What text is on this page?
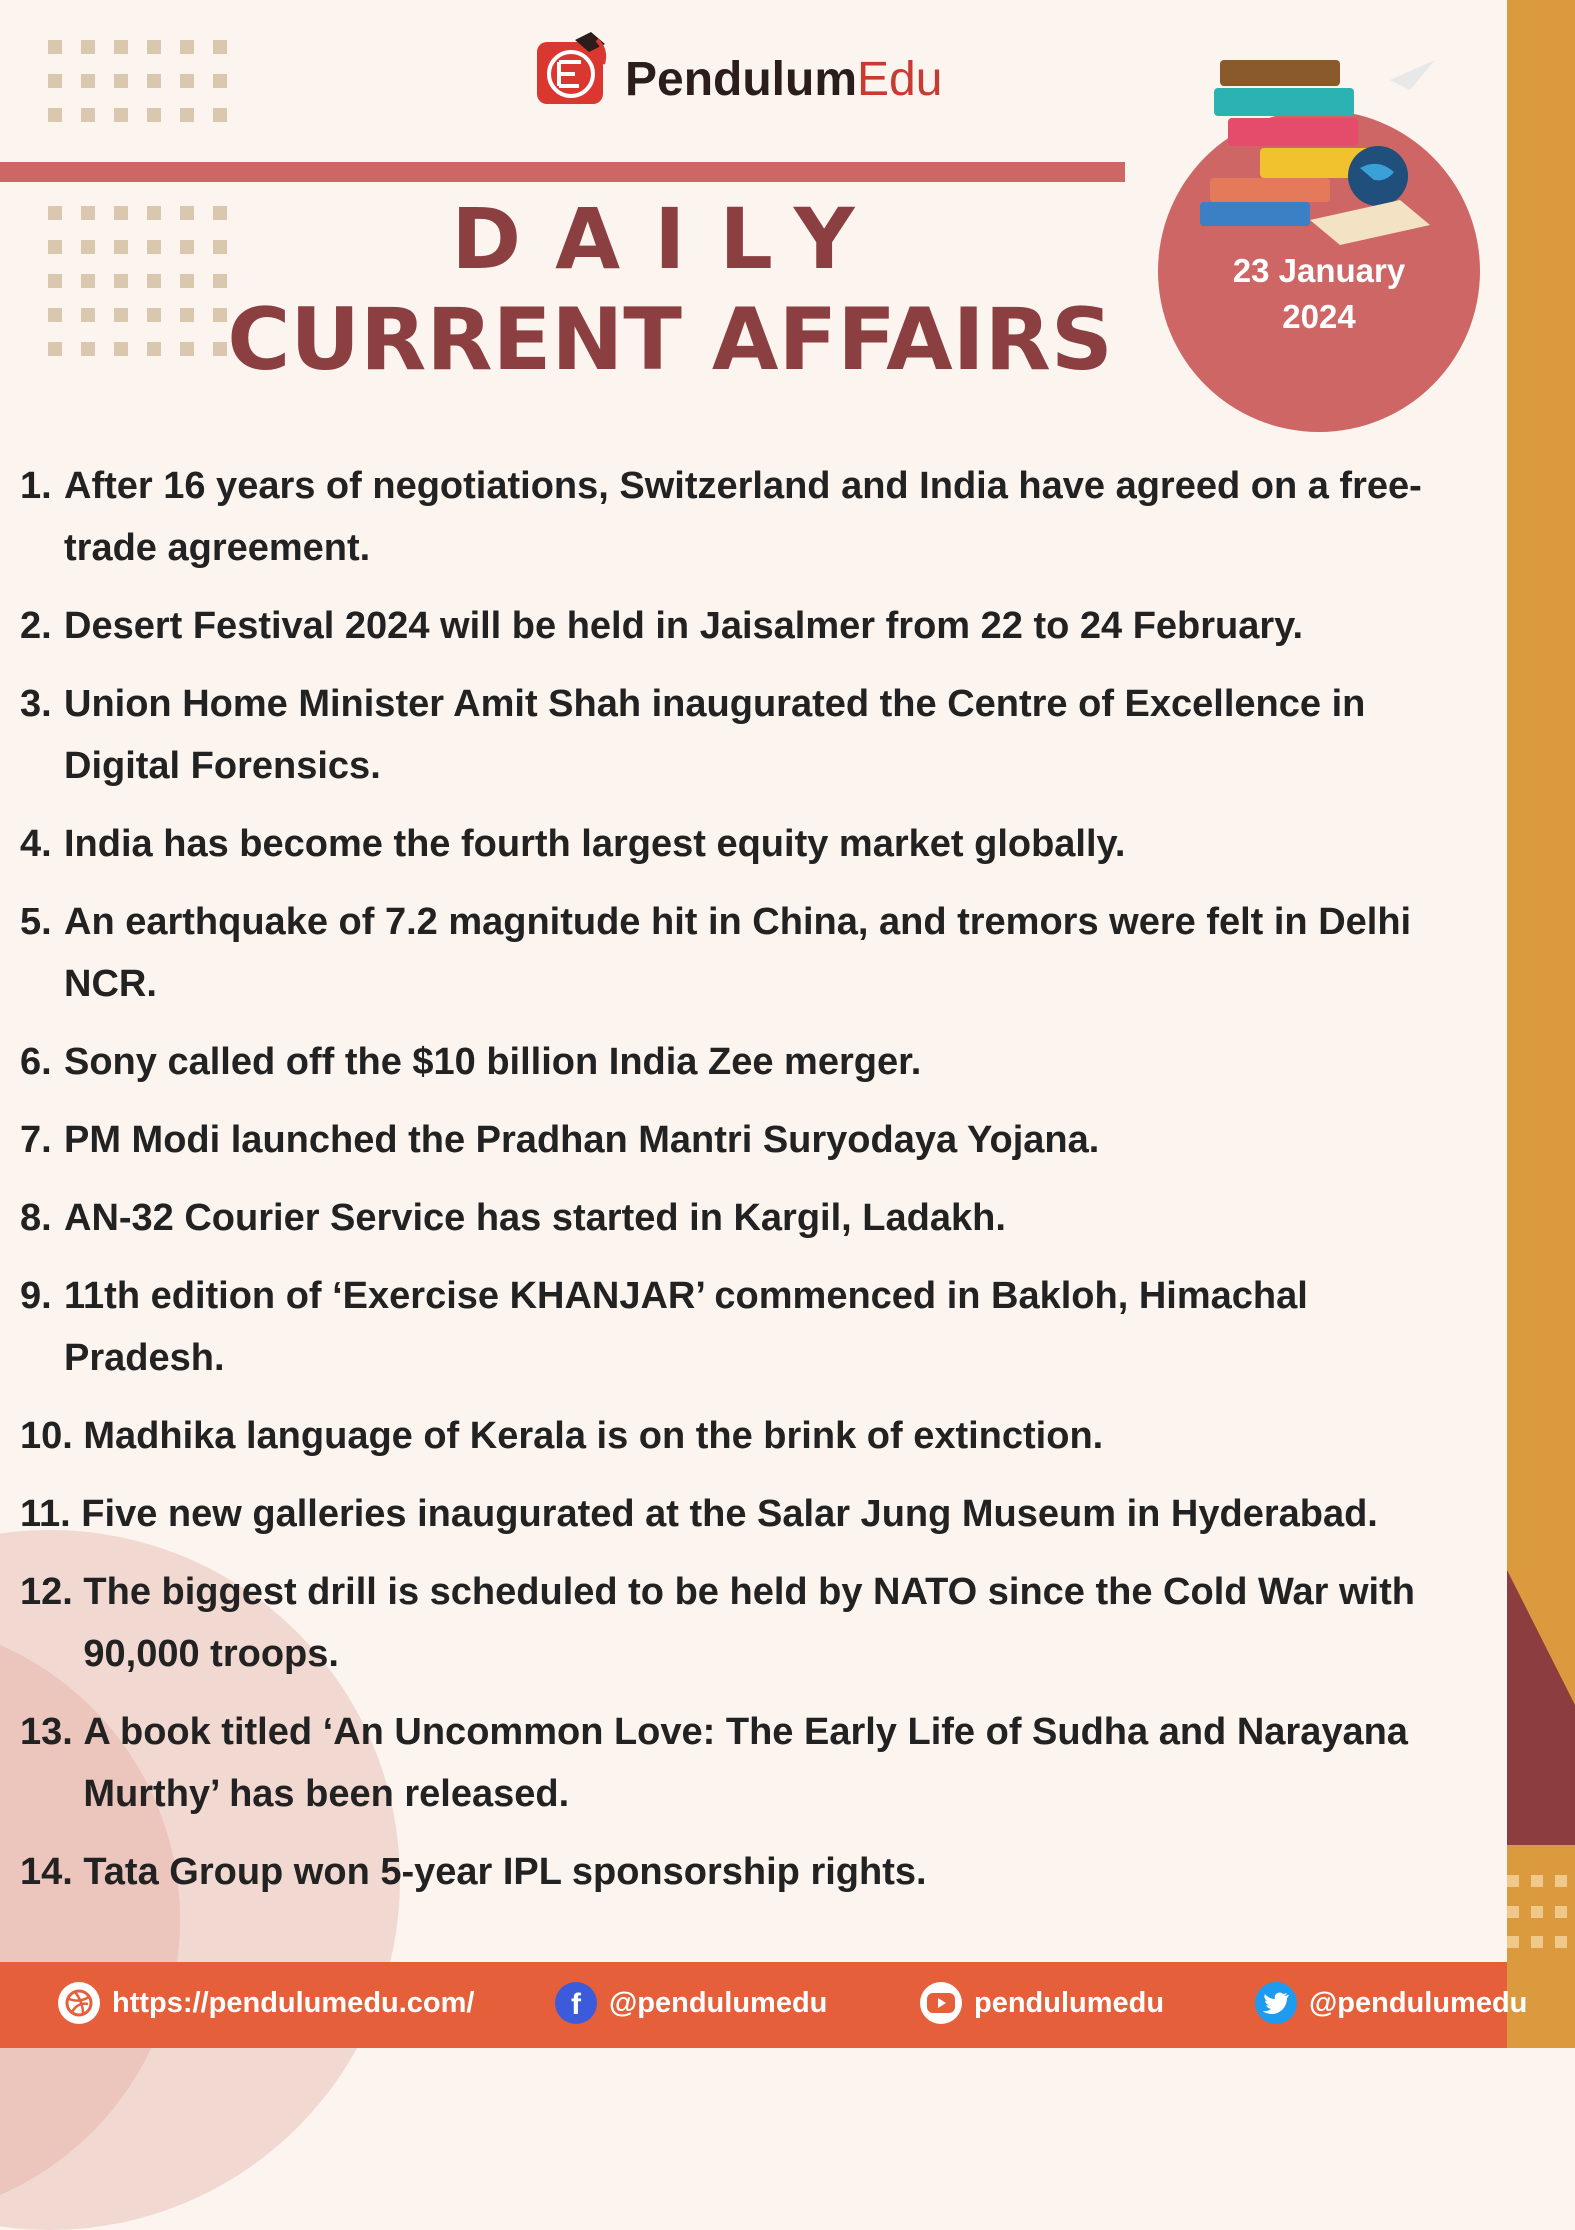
PendulumEdu
DAILY
CURRENT AFFAIRS
23 January
2024
1. After 16 years of negotiations, Switzerland and India have agreed on a free-trade agreement.
2. Desert Festival 2024 will be held in Jaisalmer from 22 to 24 February.
3. Union Home Minister Amit Shah inaugurated the Centre of Excellence in Digital Forensics.
4. India has become the fourth largest equity market globally.
5. An earthquake of 7.2 magnitude hit in China, and tremors were felt in Delhi NCR.
6. Sony called off the $10 billion India Zee merger.
7. PM Modi launched the Pradhan Mantri Suryodaya Yojana.
8. AN-32 Courier Service has started in Kargil, Ladakh.
9. 11th edition of ‘Exercise KHANJAR’ commenced in Bakloh, Himachal Pradesh.
10. Madhika language of Kerala is on the brink of extinction.
11. Five new galleries inaugurated at the Salar Jung Museum in Hyderabad.
12. The biggest drill is scheduled to be held by NATO since the Cold War with 90,000 troops.
13. A book titled ‘An Uncommon Love: The Early Life of Sudha and Narayana Murthy’ has been released.
14. Tata Group won 5-year IPL sponsorship rights.
https://pendulumedu.com/	f @pendulumedu	pendulumedu	@pendulumedu
